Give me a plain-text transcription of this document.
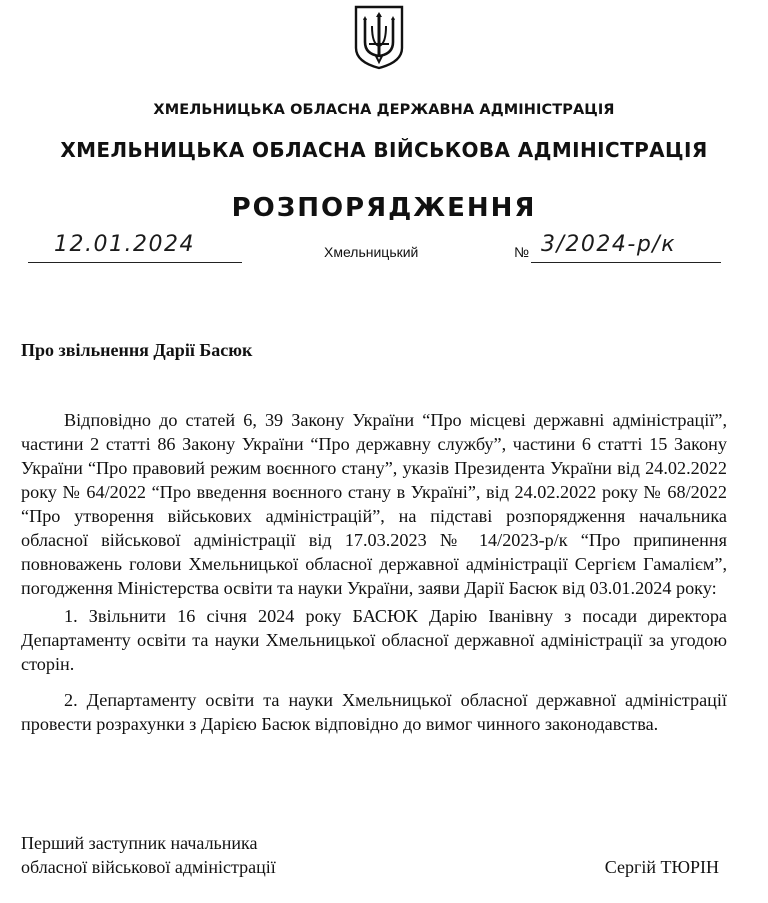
ХМЕЛЬНИЦЬКА ОБЛАСНА ДЕРЖАВНА АДМІНІСТРАЦІЯ
ХМЕЛЬНИЦЬКА ОБЛАСНА ВІЙСЬКОВА АДМІНІСТРАЦІЯ
РОЗПОРЯДЖЕННЯ
12.01.2024	Хмельницький	№ 3/2024-р/к
Про звільнення Дарії Басюк

Відповідно до статей 6, 39 Закону України “Про місцеві державні адміністрації”, частини 2 статті 86 Закону України “Про державну службу”, частини 6 статті 15 Закону України “Про правовий режим воєнного стану”, указів Президента України від 24.02.2022 року № 64/2022 “Про введення воєнного стану в Україні”, від 24.02.2022 року № 68/2022 “Про утворення військових адміністрацій”, на підставі розпорядження начальника обласної військової адміністрації від 17.03.2023 № 14/2023-р/к “Про припинення повноважень голови Хмельницької обласної державної адміністрації Сергієм Гамалієм”, погодження Міністерства освіти та науки України, заяви Дарії Басюк від 03.01.2024 року:

1. Звільнити 16 січня 2024 року БАСЮК Дарію Іванівну з посади директора Департаменту освіти та науки Хмельницької обласної державної адміністрації за угодою сторін.

2. Департаменту освіти та науки Хмельницької обласної державної адміністрації провести розрахунки з Дарією Басюк відповідно до вимог чинного законодавства.

Перший заступник начальника
обласної військової адміністрації	Сергій ТЮРІН
